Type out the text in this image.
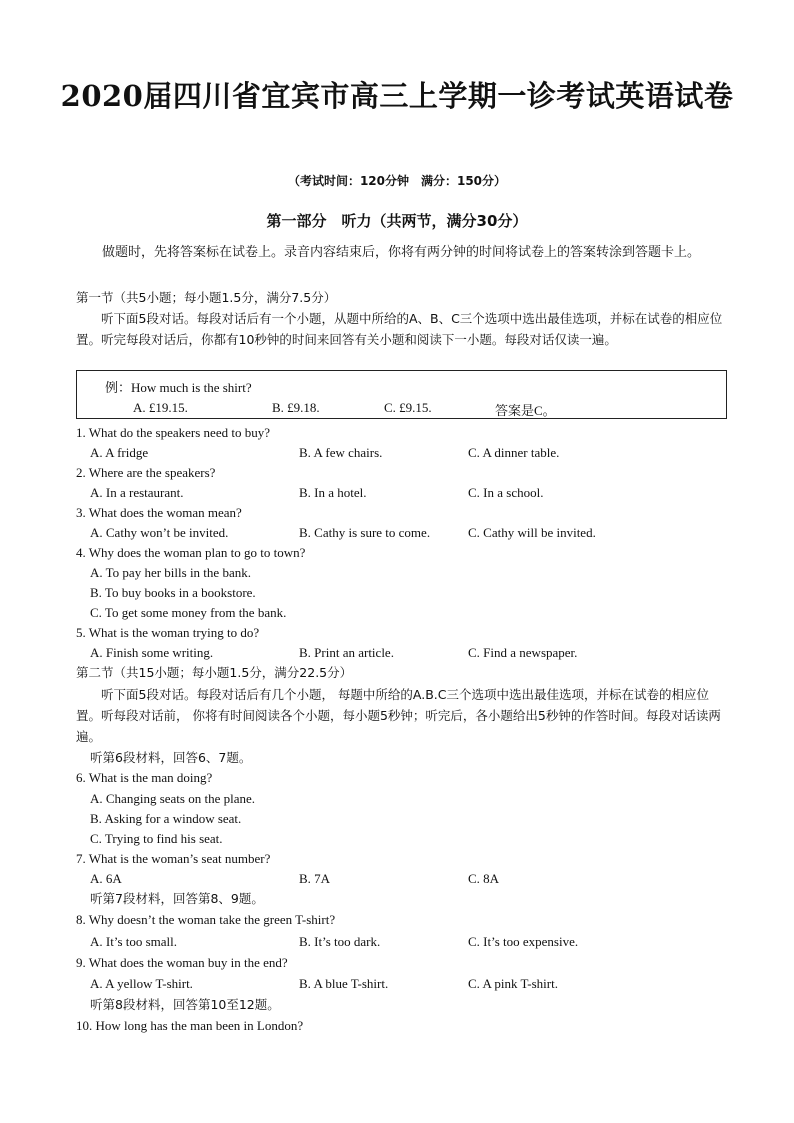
2020届四川省宜宾市高三上学期一诊考试英语试卷
（考试时间：120分钟　满分：150分）
第一部分　听力（共两节，满分30分）
　　做题时，先将答案标在试卷上。录音内容结束后，你将有两分钟的时间将试卷上的答案转涂到答题卡上。
第一节（共5小题；每小题1.5分，满分7.5分）
　　听下面5段对话。每段对话后有一个小题，从题中所给的A、B、C三个选项中选出最佳选项，并标在试卷的相应位置。听完每段对话后，你都有10秒钟的时间来回答有关小题和阅读下一小题。每段对话仅读一遍。
例：How much is the shirt?
A. £19.15.	B. £9.18.	C. £9.15.	答案是C。
1. What do the speakers need to buy?
A. A fridge	B. A few chairs.	C. A dinner table.
2. Where are the speakers?
A. In a restaurant.	B. In a hotel.	C. In a school.
3. What does the woman mean?
A. Cathy won’t be invited.	B. Cathy is sure to come.	C. Cathy will be invited.
4. Why does the woman plan to go to town?
A. To pay her bills in the bank.
B. To buy books in a bookstore.
C. To get some money from the bank.
5. What is the woman trying to do?
A. Finish some writing.	B. Print an article.	C. Find a newspaper.
第二节（共15小题；每小题1.5分，满分22.5分）
　　听下面5段对话。每段对话后有几个小题， 每题中所给的A.B.C三个选项中选出最佳选项，并标在试卷的相应位置。听每段对话前， 你将有时间阅读各个小题，每小题5秒钟；听完后，各小题给出5秒钟的作答时间。每段对话读两遍。
听第6段材料，回答6、7题。
6. What is the man doing?
A. Changing seats on the plane.
B. Asking for a window seat.
C. Trying to find his seat.
7. What is the woman’s seat number?
A. 6A	B. 7A	C. 8A
听第7段材料，回答第8、9题。
8. Why doesn’t the woman take the green T-shirt?
A. It’s too small.	B. It’s too dark.	C. It’s too expensive.
9. What does the woman buy in the end?
A. A yellow T-shirt.	B. A blue T-shirt.	C. A pink T-shirt.
听第8段材料，回答第10至12题。
10. How long has the man been in London?
